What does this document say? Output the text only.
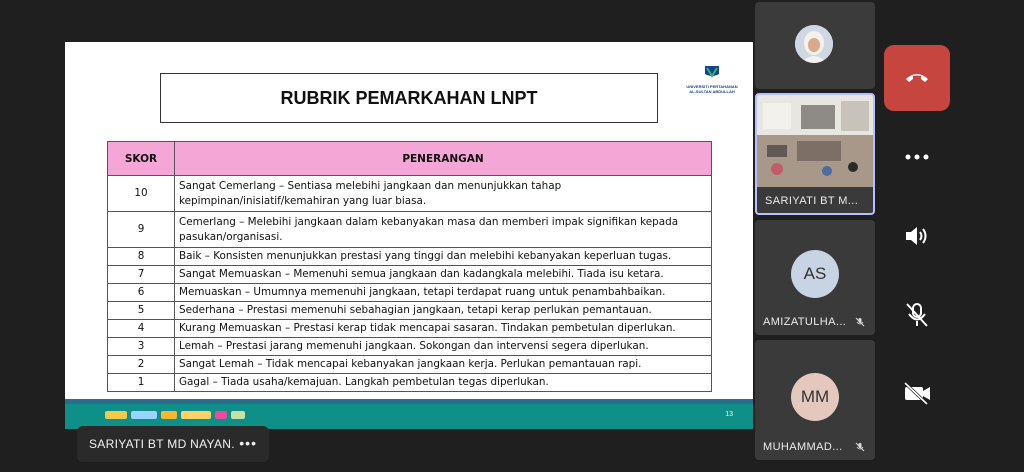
RUBRIK PEMARKAHAN LNPT
UNIVERSITI PERTAHANAN AL-SULTAN ABDULLAH
SKOR	PENERANGAN
10	Sangat Cemerlang – Sentiasa melebihi jangkaan dan menunjukkan tahap kepimpinan/inisiatif/kemahiran yang luar biasa.
9	Cemerlang – Melebihi jangkaan dalam kebanyakan masa dan memberi impak signifikan kepada pasukan/organisasi.
8	Baik – Konsisten menunjukkan prestasi yang tinggi dan melebihi kebanyakan keperluan tugas.
7	Sangat Memuaskan – Memenuhi semua jangkaan dan kadangkala melebihi. Tiada isu ketara.
6	Memuaskan – Umumnya memenuhi jangkaan, tetapi terdapat ruang untuk penambahbaikan.
5	Sederhana – Prestasi memenuhi sebahagian jangkaan, tetapi kerap perlukan pemantauan.
4	Kurang Memuaskan – Prestasi kerap tidak mencapai sasaran. Tindakan pembetulan diperlukan.
3	Lemah – Prestasi jarang memenuhi jangkaan. Sokongan dan intervensi segera diperlukan.
2	Sangat Lemah – Tidak mencapai kebanyakan jangkaan kerja. Perlukan pemantauan rapi.
1	Gagal – Tiada usaha/kemajuan. Langkah pembetulan tegas diperlukan.
13
SARIYATI BT MD NAYAN. •••
SARIYATI BT M...
AS
AMIZATULHA...
MM
MUHAMMAD...
